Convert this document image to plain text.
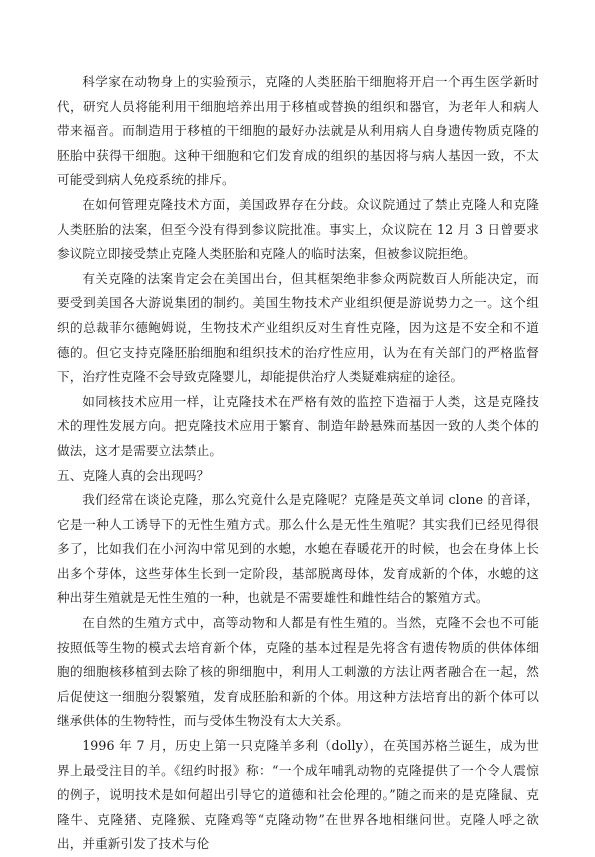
科学家在动物身上的实验预示，克隆的人类胚胎干细胞将开启一个再生医学新时代，研究人员将能利用干细胞培养出用于移植或替换的组织和器官，为老年人和病人带来福音。而制造用于移植的干细胞的最好办法就是从利用病人自身遗传物质克隆的胚胎中获得干细胞。这种干细胞和它们发育成的组织的基因将与病人基因一致，不太可能受到病人免疫系统的排斥。

在如何管理克隆技术方面，美国政界存在分歧。众议院通过了禁止克隆人和克隆人类胚胎的法案，但至今没有得到参议院批准。事实上，众议院在 12 月 3 日曾要求参议院立即接受禁止克隆人类胚胎和克隆人的临时法案，但被参议院拒绝。

有关克隆的法案肯定会在美国出台，但其框架绝非参众两院数百人所能决定，而要受到美国各大游说集团的制约。美国生物技术产业组织便是游说势力之一。这个组织的总裁菲尔德鲍姆说，生物技术产业组织反对生育性克隆，因为这是不安全和不道德的。但它支持克隆胚胎细胞和组织技术的治疗性应用，认为在有关部门的严格监督下，治疗性克隆不会导致克隆婴儿，却能提供治疗人类疑难病症的途径。

如同核技术应用一样，让克隆技术在严格有效的监控下造福于人类，这是克隆技术的理性发展方向。把克隆技术应用于繁育、制造年龄悬殊而基因一致的人类个体的做法，这才是需要立法禁止。

五、克隆人真的会出现吗？

我们经常在谈论克隆，那么究竟什么是克隆呢？克隆是英文单词 clone 的音译，它是一种人工诱导下的无性生殖方式。那么什么是无性生殖呢？其实我们已经见得很多了，比如我们在小河沟中常见到的水螅，水螅在春暖花开的时候，也会在身体上长出多个芽体，这些芽体生长到一定阶段，基部脱离母体，发育成新的个体，水螅的这种出芽生殖就是无性生殖的一种，也就是不需要雄性和雌性结合的繁殖方式。

在自然的生殖方式中，高等动物和人都是有性生殖的。当然，克隆不会也不可能按照低等生物的模式去培育新个体，克隆的基本过程是先将含有遗传物质的供体体细胞的细胞核移植到去除了核的卵细胞中，利用人工刺激的方法让两者融合在一起，然后促使这一细胞分裂繁殖，发育成胚胎和新的个体。用这种方法培育出的新个体可以继承供体的生物特性，而与受体生物没有太大关系。

1996 年 7 月，历史上第一只克隆羊多利（dolly），在英国苏格兰诞生，成为世界上最受注目的羊。《纽约时报》称：“一个成年哺乳动物的克隆提供了一个令人震惊的例子，说明技术是如何超出引导它的道德和社会伦理的。”随之而来的是克隆鼠、克隆牛、克隆猪、克隆猴、克隆鸡等“克隆动物”在世界各地相继问世。克隆人呼之欲出，并重新引发了技术与伦
